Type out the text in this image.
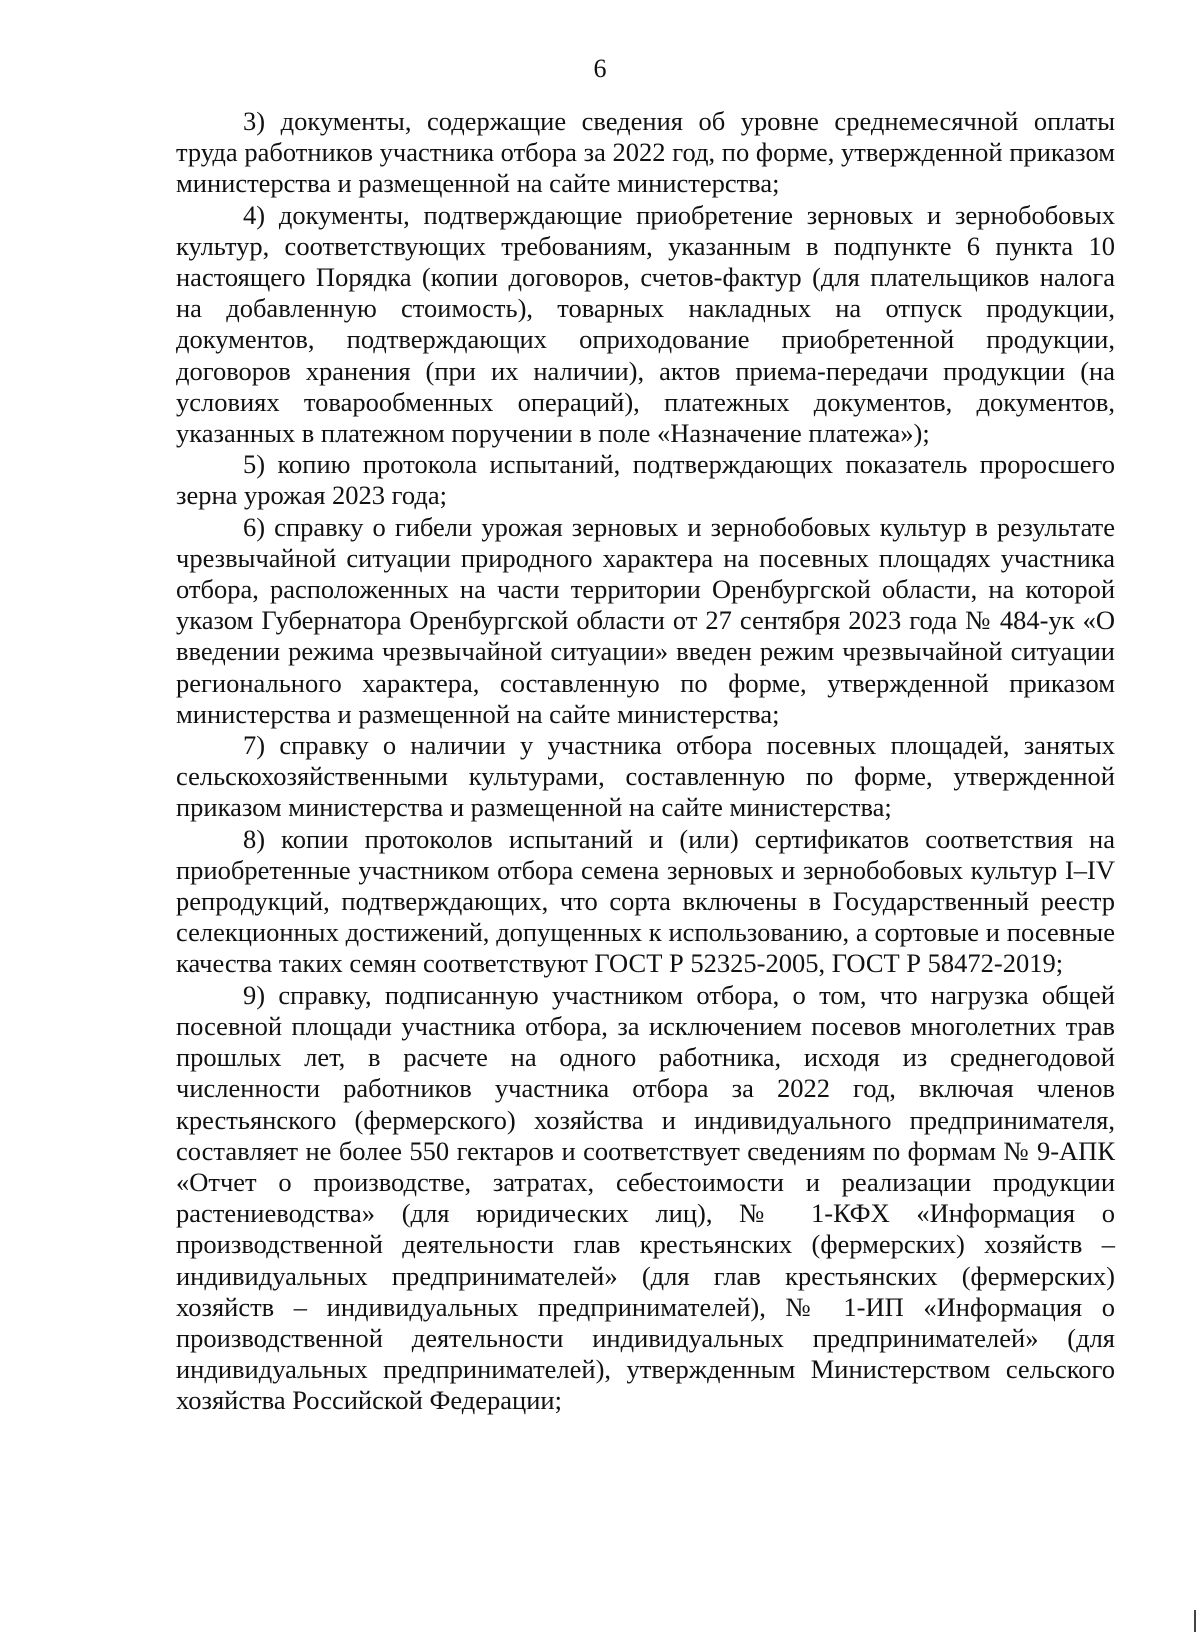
6

3) документы, содержащие сведения об уровне среднемесячной оплаты труда работников участника отбора за 2022 год, по форме, утвержденной приказом министерства и размещенной на сайте министерства;

4) документы, подтверждающие приобретение зерновых и зернобобовых культур, соответствующих требованиям, указанным в подпункте 6 пункта 10 настоящего Порядка (копии договоров, счетов-фактур (для плательщиков налога на добавленную стоимость), товарных накладных на отпуск продукции, документов, подтверждающих оприходование приобретенной продукции, договоров хранения (при их наличии), актов приема-передачи продукции (на условиях товарообменных операций), платежных документов, документов, указанных в платежном поручении в поле «Назначение платежа»);

5) копию протокола испытаний, подтверждающих показатель проросшего зерна урожая 2023 года;

6) справку о гибели урожая зерновых и зернобобовых культур в результате чрезвычайной ситуации природного характера на посевных площадях участника отбора, расположенных на части территории Оренбургской области, на которой указом Губернатора Оренбургской области от 27 сентября 2023 года № 484-ук «О введении режима чрезвычайной ситуации» введен режим чрезвычайной ситуации регионального характера, составленную по форме, утвержденной приказом министерства и размещенной на сайте министерства;

7) справку о наличии у участника отбора посевных площадей, занятых сельскохозяйственными культурами, составленную по форме, утвержденной приказом министерства и размещенной на сайте министерства;

8) копии протоколов испытаний и (или) сертификатов соответствия на приобретенные участником отбора семена зерновых и зернобобовых культур I–IV репродукций, подтверждающих, что сорта включены в Государственный реестр селекционных достижений, допущенных к использованию, а сортовые и посевные качества таких семян соответствуют ГОСТ Р 52325-2005, ГОСТ Р 58472-2019;

9) справку, подписанную участником отбора, о том, что нагрузка общей посевной площади участника отбора, за исключением посевов многолетних трав прошлых лет, в расчете на одного работника, исходя из среднегодовой численности работников участника отбора за 2022 год, включая членов крестьянского (фермерского) хозяйства и индивидуального предпринимателя, составляет не более 550 гектаров и соответствует сведениям по формам № 9-АПК «Отчет о производстве, затратах, себестоимости и реализации продукции растениеводства» (для юридических лиц), № 1-КФХ «Информация о производственной деятельности глав крестьянских (фермерских) хозяйств – индивидуальных предпринимателей» (для глав крестьянских (фермерских) хозяйств – индивидуальных предпринимателей), № 1-ИП «Информация о производственной деятельности индивидуальных предпринимателей» (для индивидуальных предпринимателей), утвержденным Министерством сельского хозяйства Российской Федерации;
